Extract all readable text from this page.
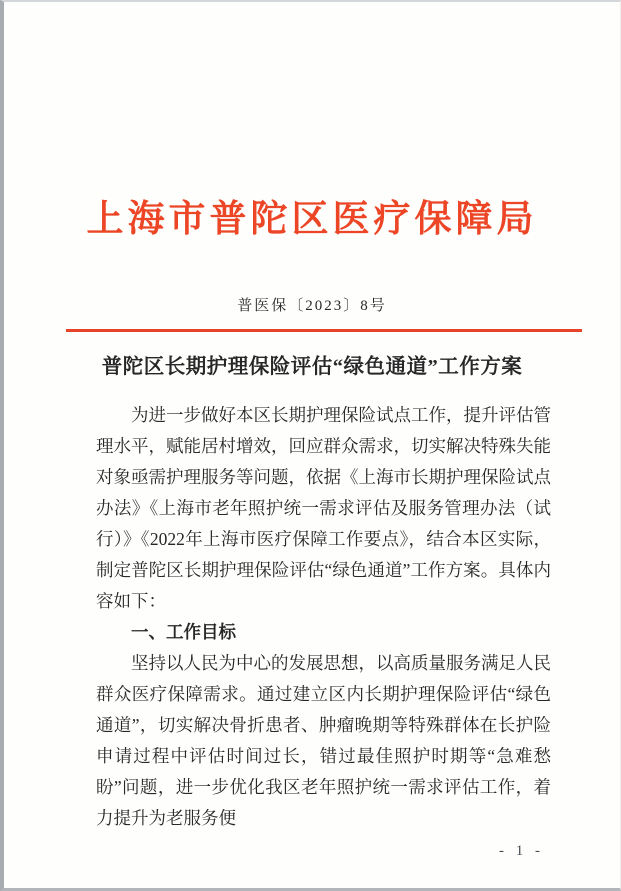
上海市普陀区医疗保障局
普医保〔2023〕8号
普陀区长期护理保险评估“绿色通道”工作方案

为进一步做好本区长期护理保险试点工作，提升评估管理水平，赋能居村增效，回应群众需求，切实解决特殊失能对象亟需护理服务等问题，依据《上海市长期护理保险试点办法》《上海市老年照护统一需求评估及服务管理办法（试行）》《2022年上海市医疗保障工作要点》，结合本区实际，制定普陀区长期护理保险评估“绿色通道”工作方案。具体内容如下：

一、工作目标

坚持以人民为中心的发展思想，以高质量服务满足人民群众医疗保障需求。通过建立区内长期护理保险评估“绿色通道”，切实解决骨折患者、肿瘤晚期等特殊群体在长护险申请过程中评估时间过长，错过最佳照护时期等“急难愁盼”问题，进一步优化我区老年照护统一需求评估工作，着力提升为老服务便

- 1 -
